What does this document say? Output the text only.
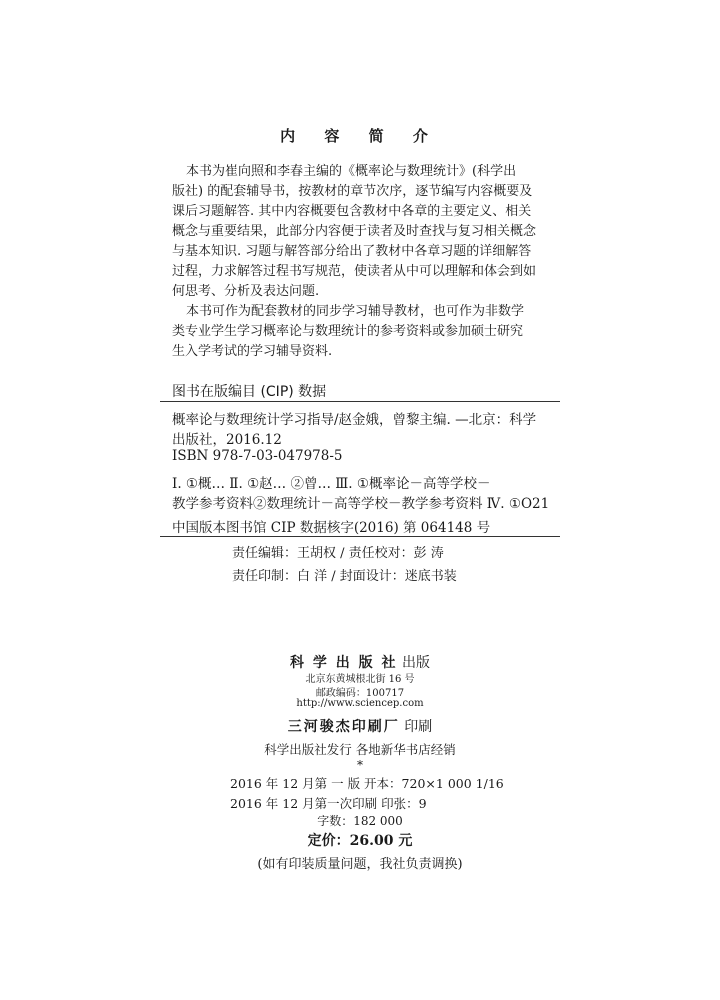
内 容 简 介
本书为崔向照和李春主编的《概率论与数理统计》(科学出
版社) 的配套辅导书，按教材的章节次序，逐节编写内容概要及
课后习题解答. 其中内容概要包含教材中各章的主要定义、相关
概念与重要结果，此部分内容便于读者及时查找与复习相关概念
与基本知识. 习题与解答部分给出了教材中各章习题的详细解答
过程，力求解答过程书写规范，使读者从中可以理解和体会到如
何思考、分析及表达问题.
本书可作为配套教材的同步学习辅导教材，也可作为非数学
类专业学生学习概率论与数理统计的参考资料或参加硕士研究
生入学考试的学习辅导资料.
图书在版编目 (CIP) 数据
概率论与数理统计学习指导/赵金娥，曾黎主编. —北京：科学
出版社，2016.12
ISBN 978-7-03-047978-5
Ⅰ. ①概… Ⅱ. ①赵… ②曾… Ⅲ. ①概率论－高等学校－
教学参考资料②数理统计－高等学校－教学参考资料 Ⅳ. ①O21
中国版本图书馆 CIP 数据核字(2016) 第 064148 号
责任编辑：王胡权 / 责任校对：彭 涛
责任印制：白 洋 / 封面设计：迷底书装
科 学 出 版 社 出版
北京东黄城根北街 16 号
邮政编码：100717
http://www.sciencep.com
三河骏杰印刷厂 印刷
科学出版社发行 各地新华书店经销
*
2016 年 12 月第 一 版 开本：720×1 000 1/16
2016 年 12 月第一次印刷 印张：9
字数：182 000
定价：26.00 元
(如有印装质量问题，我社负责调换)
